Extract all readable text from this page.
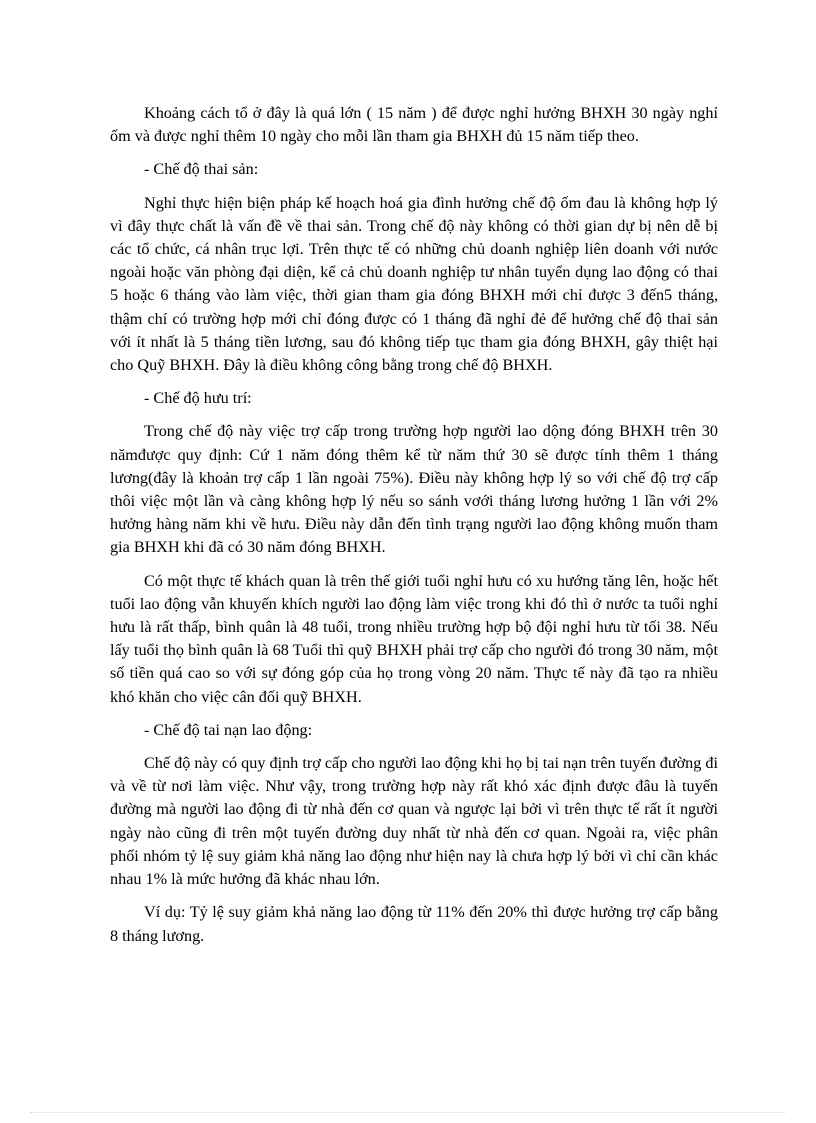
Khoảng cách tổ ở đây là quá lớn ( 15 năm ) để được nghỉ hưởng BHXH 30 ngày nghỉ ốm và được nghỉ thêm 10 ngày cho mỗi lần tham gia BHXH đủ 15 năm tiếp theo.

- Chế độ thai sản:

Nghỉ thực hiện biện pháp kế hoạch hoá gia đình hưởng chế độ ốm đau là không hợp lý vì đây thực chất là vấn đề về thai sản. Trong chế độ này không có thời gian dự bị nên dễ bị các tổ chức, cá nhân trục lợi. Trên thực tế có những chủ doanh nghiệp liên doanh với nước ngoài hoặc văn phòng đại diện, kể cả chủ doanh nghiệp tư nhân tuyển dụng lao động có thai 5 hoặc 6 tháng vào làm việc, thời gian tham gia đóng BHXH mới chỉ được 3 đến5 tháng, thậm chí có trường hợp mới chỉ đóng được có 1 tháng đã nghỉ đẻ để hưởng chế độ thai sản với ít nhất là 5 tháng tiền lương, sau đó không tiếp tục tham gia đóng BHXH, gây thiệt hại cho Quỹ BHXH. Đây là điều không công bằng trong chế độ BHXH.

- Chế độ hưu trí:

Trong chế độ này việc trợ cấp trong trường hợp người lao dộng đóng BHXH trên 30 nămđược quy định: Cứ 1 năm đóng thêm kể từ năm thứ 30 sẽ được tính thêm 1 tháng lương(đây là khoản trợ cấp 1 lần ngoài 75%). Điều này không hợp lý so với chế độ trợ cấp thôi việc một lần và càng không hợp lý nếu so sánh vơới tháng lương hưởng 1 lần với 2% hưởng hàng năm khi về hưu. Điều này dẫn đến tình trạng người lao động không muốn tham gia BHXH khi đã có 30 năm đóng BHXH.

Có một thực tế khách quan là trên thế giới tuổi nghỉ hưu có xu hướng tăng lên, hoặc hết tuổi lao động vẫn khuyến khích người lao động làm việc trong khi đó thì ở nước ta tuổi nghỉ hưu là rất thấp, bình quân là 48 tuổi, trong nhiều trường hợp bộ đội nghỉ hưu từ tối 38. Nếu lấy tuổi thọ bình quân là 68 Tuổi thì quỹ BHXH phải trợ cấp cho người đó trong 30 năm, một số tiền quá cao so với sự đóng góp của họ trong vòng 20 năm. Thực tế này đã tạo ra nhiều khó khăn cho việc cân đối quỹ BHXH.

- Chế độ tai nạn lao động:

Chế độ này có quy định trợ cấp cho người lao động khi họ bị tai nạn trên tuyến đường đi và về từ nơi làm việc. Như vậy, trong trường hợp này rất khó xác định được đâu là tuyến đường mà người lao động đi từ nhà đến cơ quan và ngược lại bởi vì trên thực tế rất ít người ngày nào cũng đi trên một tuyến đường duy nhất từ nhà đến cơ quan. Ngoài ra, việc phân phối nhóm tỷ lệ suy giảm khả năng lao động như hiện nay là chưa hợp lý bởi vì chỉ cần khác nhau 1% là mức hưởng đã khác nhau lớn.

Ví dụ: Tỷ lệ suy giảm khả năng lao động từ 11% đến 20% thì được hưởng trợ cấp bằng 8 tháng lương.
